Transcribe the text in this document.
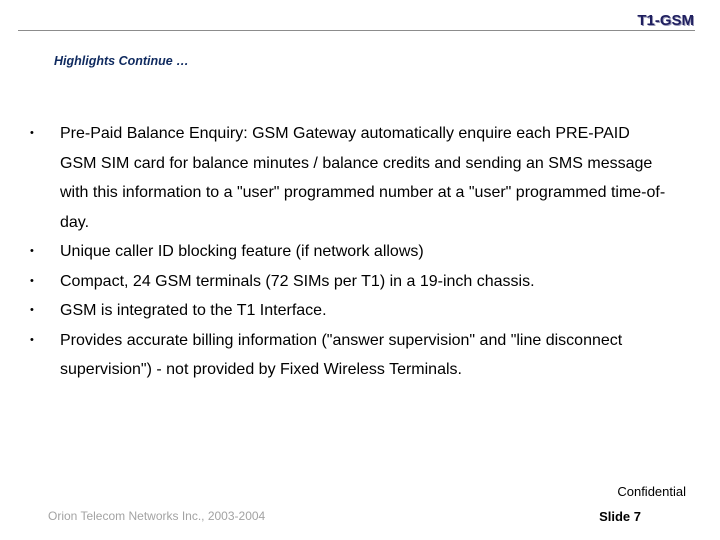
T1-GSM
Highlights Continue …
• Pre-Paid Balance Enquiry: GSM Gateway automatically enquire each PRE-PAID GSM SIM card for balance minutes / balance credits and sending an SMS message with this information to a "user" programmed number at a "user" programmed time-of-day.
• Unique caller ID blocking feature (if network allows)
• Compact, 24 GSM terminals (72 SIMs per T1) in a 19-inch chassis.
• GSM is integrated to the T1 Interface.
• Provides accurate billing information ("answer supervision" and "line disconnect supervision") - not provided by Fixed Wireless Terminals.
Confidential
Orion Telecom Networks Inc., 2003-2004	Slide 7
